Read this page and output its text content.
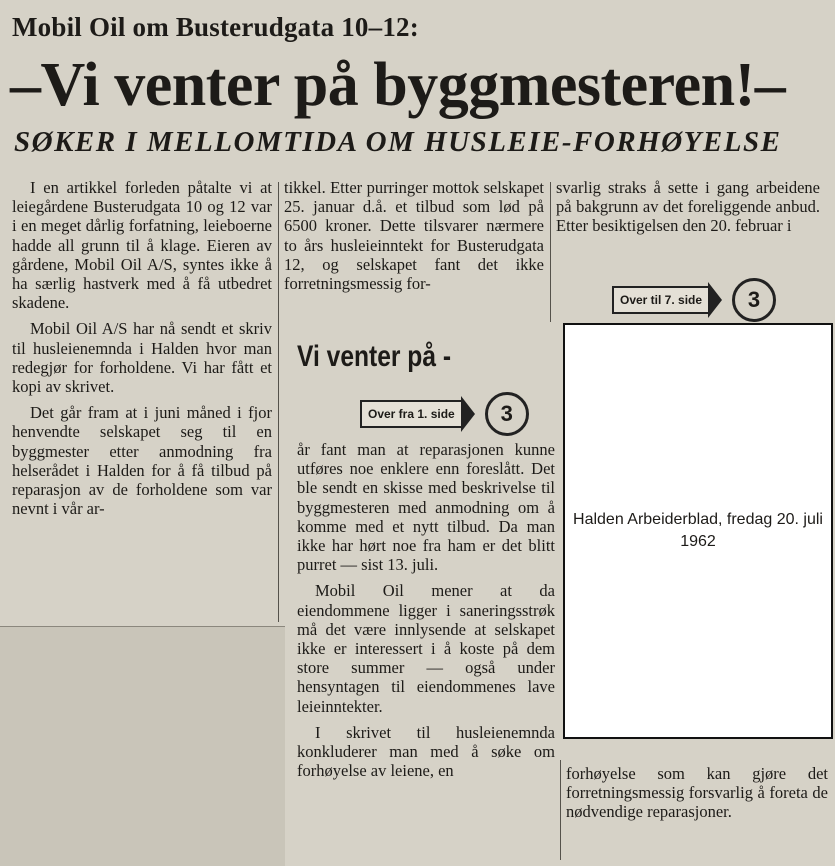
Mobil Oil om Busterudgata 10–12:
–Vi venter på byggmesteren!–
SØKER I MELLOMTIDA OM HUSLEIE-FORHØYELSE

I en artikkel forleden påtalte vi at leiegårdene Busterudgata 10 og 12 var i en meget dårlig forfatning, leieboerne hadde all grunn til å klage. Eieren av gårdene, Mobil Oil A/S, syntes ikke å ha særlig hastverk med å få utbedret skadene.

Mobil Oil A/S har nå sendt et skriv til husleienemnda i Halden hvor man redegjør for forholdene. Vi har fått et kopi av skrivet.

Det går fram at i juni måned i fjor henvendte selskapet seg til en byggmester etter anmodning fra helserådet i Halden for å få tilbud på reparasjon av de forholdene som var nevnt i vår ar-

tikkel. Etter purringer mottok selskapet 25. januar d.å. et tilbud som lød på 6500 kroner. Dette tilsvarer nærmere to års husleieinntekt for Busterudgata 12, og selskapet fant det ikke forretningsmessig for-

svarlig straks å sette i gang arbeidene på bakgrunn av det foreliggende anbud. Etter besiktigelsen den 20. februar i

Over til 7. side	3
Vi venter på -
Over fra 1. side	3

år fant man at reparasjonen kunne utføres noe enklere enn foreslått. Det ble sendt en skisse med beskrivelse til byggmesteren med anmodning om å komme med et nytt tilbud. Da man ikke har hørt noe fra ham er det blitt purret — sist 13. juli.

Mobil Oil mener at da eiendommene ligger i saneringsstrøk må det være innlysende at selskapet ikke er interessert i å koste på dem store summer — også under hensyntagen til eiendommenes lave leieinntekter.

I skrivet til husleienemnda konkluderer man med å søke om forhøyelse av leiene, en	forhøyelse som kan gjøre det forretningsmessig forsvarlig å foreta de nødvendige reparasjoner.

Halden Arbeiderblad, fredag 20. juli 1962
